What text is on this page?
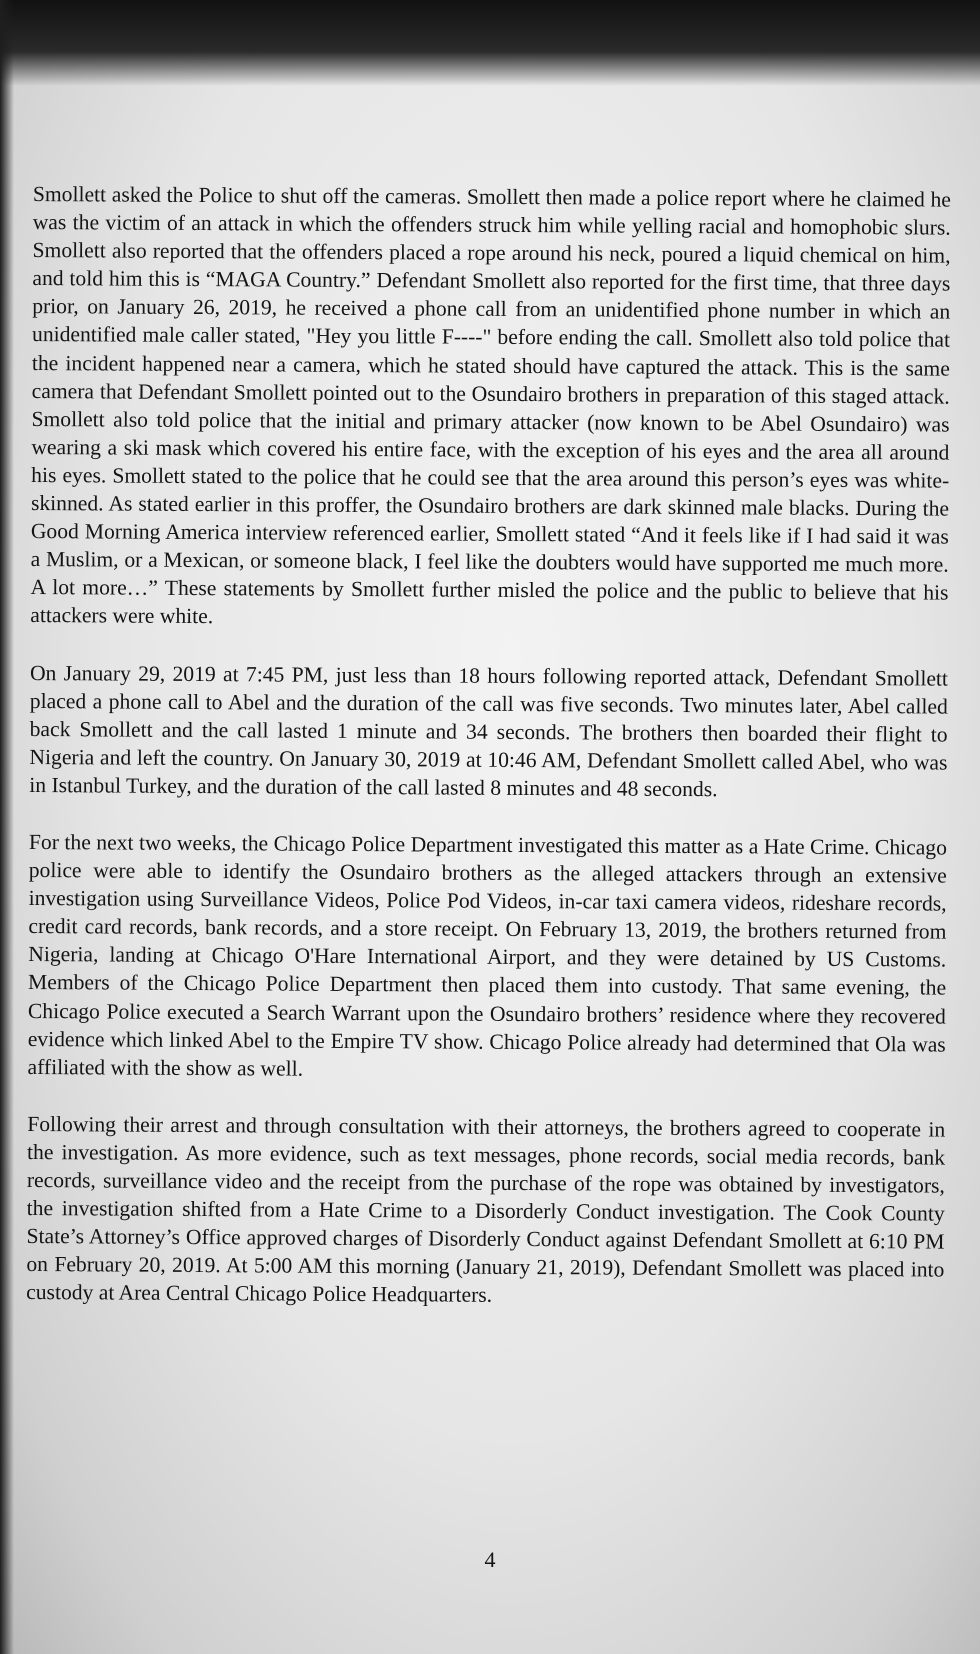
Smollett asked the Police to shut off the cameras. Smollett then made a police report where he claimed he was the victim of an attack in which the offenders struck him while yelling racial and homophobic slurs. Smollett also reported that the offenders placed a rope around his neck, poured a liquid chemical on him, and told him this is “MAGA Country.” Defendant Smollett also reported for the first time, that three days prior, on January 26, 2019, he received a phone call from an unidentified phone number in which an unidentified male caller stated, "Hey you little F----" before ending the call. Smollett also told police that the incident happened near a camera, which he stated should have captured the attack. This is the same camera that Defendant Smollett pointed out to the Osundairo brothers in preparation of this staged attack. Smollett also told police that the initial and primary attacker (now known to be Abel Osundairo) was wearing a ski mask which covered his entire face, with the exception of his eyes and the area all around his eyes. Smollett stated to the police that he could see that the area around this person’s eyes was white-skinned. As stated earlier in this proffer, the Osundairo brothers are dark skinned male blacks. During the Good Morning America interview referenced earlier, Smollett stated “And it feels like if I had said it was a Muslim, or a Mexican, or someone black, I feel like the doubters would have supported me much more. A lot more…” These statements by Smollett further misled the police and the public to believe that his attackers were white.

On January 29, 2019 at 7:45 PM, just less than 18 hours following reported attack, Defendant Smollett placed a phone call to Abel and the duration of the call was five seconds. Two minutes later, Abel called back Smollett and the call lasted 1 minute and 34 seconds. The brothers then boarded their flight to Nigeria and left the country. On January 30, 2019 at 10:46 AM, Defendant Smollett called Abel, who was in Istanbul Turkey, and the duration of the call lasted 8 minutes and 48 seconds.

For the next two weeks, the Chicago Police Department investigated this matter as a Hate Crime. Chicago police were able to identify the Osundairo brothers as the alleged attackers through an extensive investigation using Surveillance Videos, Police Pod Videos, in-car taxi camera videos, rideshare records, credit card records, bank records, and a store receipt. On February 13, 2019, the brothers returned from Nigeria, landing at Chicago O'Hare International Airport, and they were detained by US Customs. Members of the Chicago Police Department then placed them into custody. That same evening, the Chicago Police executed a Search Warrant upon the Osundairo brothers’ residence where they recovered evidence which linked Abel to the Empire TV show. Chicago Police already had determined that Ola was affiliated with the show as well.

Following their arrest and through consultation with their attorneys, the brothers agreed to cooperate in the investigation. As more evidence, such as text messages, phone records, social media records, bank records, surveillance video and the receipt from the purchase of the rope was obtained by investigators, the investigation shifted from a Hate Crime to a Disorderly Conduct investigation. The Cook County State’s Attorney’s Office approved charges of Disorderly Conduct against Defendant Smollett at 6:10 PM on February 20, 2019. At 5:00 AM this morning (January 21, 2019), Defendant Smollett was placed into custody at Area Central Chicago Police Headquarters.

4
